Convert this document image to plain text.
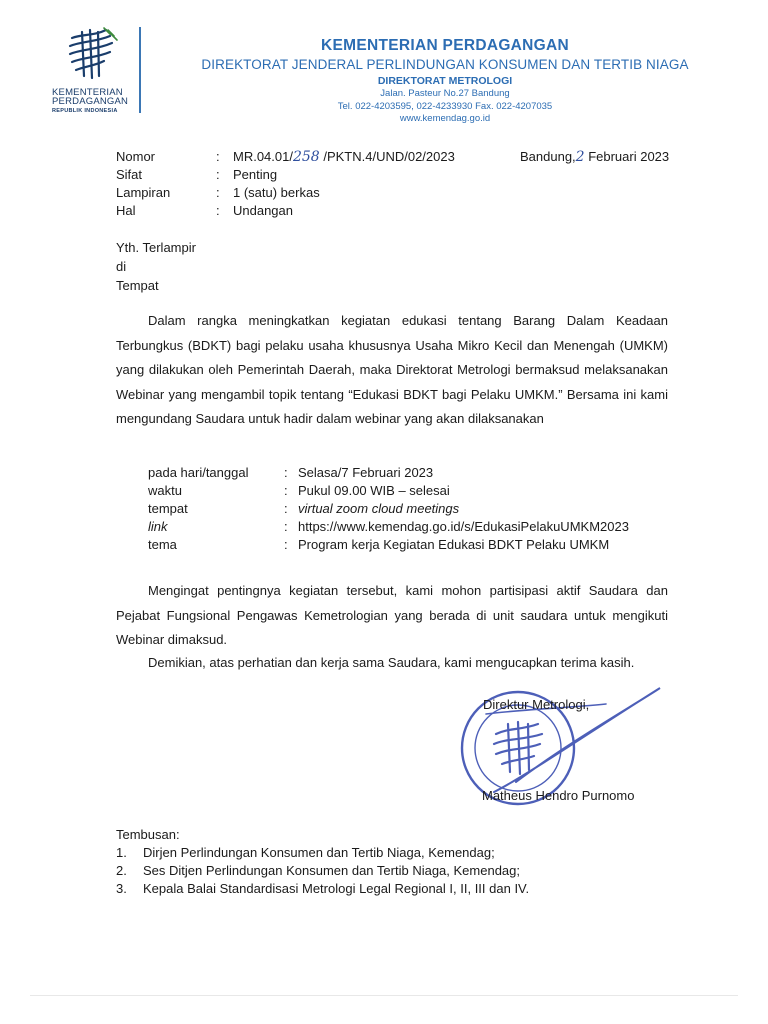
KEMENTERIAN
PERDAGANGAN
REPUBLIK INDONESIA
KEMENTERIAN PERDAGANGAN
DIREKTORAT JENDERAL PERLINDUNGAN KONSUMEN DAN TERTIB NIAGA
DIREKTORAT METROLOGI
Jalan. Pasteur No.27 Bandung
Tel. 022-4203595, 022-4233930 Fax. 022-4207035
www.kemendag.go.id
Nomor	: MR.04.01/258 /PKTN.4/UND/02/2023
Sifat	: Penting
Lampiran	: 1 (satu) berkas
Hal	: Undangan
Bandung,2 Februari 2023
Yth. Terlampir
di
Tempat
Dalam rangka meningkatkan kegiatan edukasi tentang Barang Dalam Keadaan Terbungkus (BDKT) bagi pelaku usaha khususnya Usaha Mikro Kecil dan Menengah (UMKM) yang dilakukan oleh Pemerintah Daerah, maka Direktorat Metrologi bermaksud melaksanakan Webinar yang mengambil topik tentang “Edukasi BDKT bagi Pelaku UMKM.” Bersama ini kami mengundang Saudara untuk hadir dalam webinar yang akan dilaksanakan
pada hari/tanggal	: Selasa/7 Februari 2023
waktu	: Pukul 09.00 WIB – selesai
tempat	: virtual zoom cloud meetings
link	: https://www.kemendag.go.id/s/EdukasiPelakuUMKM2023
tema	: Program kerja Kegiatan Edukasi BDKT Pelaku UMKM
Mengingat pentingnya kegiatan tersebut, kami mohon partisipasi aktif Saudara dan Pejabat Fungsional Pengawas Kemetrologian yang berada di unit saudara untuk mengikuti Webinar dimaksud.
Demikian, atas perhatian dan kerja sama Saudara, kami mengucapkan terima kasih.
Direktur Metrologi,
Matheus Hendro Purnomo
Tembusan:
1. Dirjen Perlindungan Konsumen dan Tertib Niaga, Kemendag;
2. Ses Ditjen Perlindungan Konsumen dan Tertib Niaga, Kemendag;
3. Kepala Balai Standardisasi Metrologi Legal Regional I, II, III dan IV.
